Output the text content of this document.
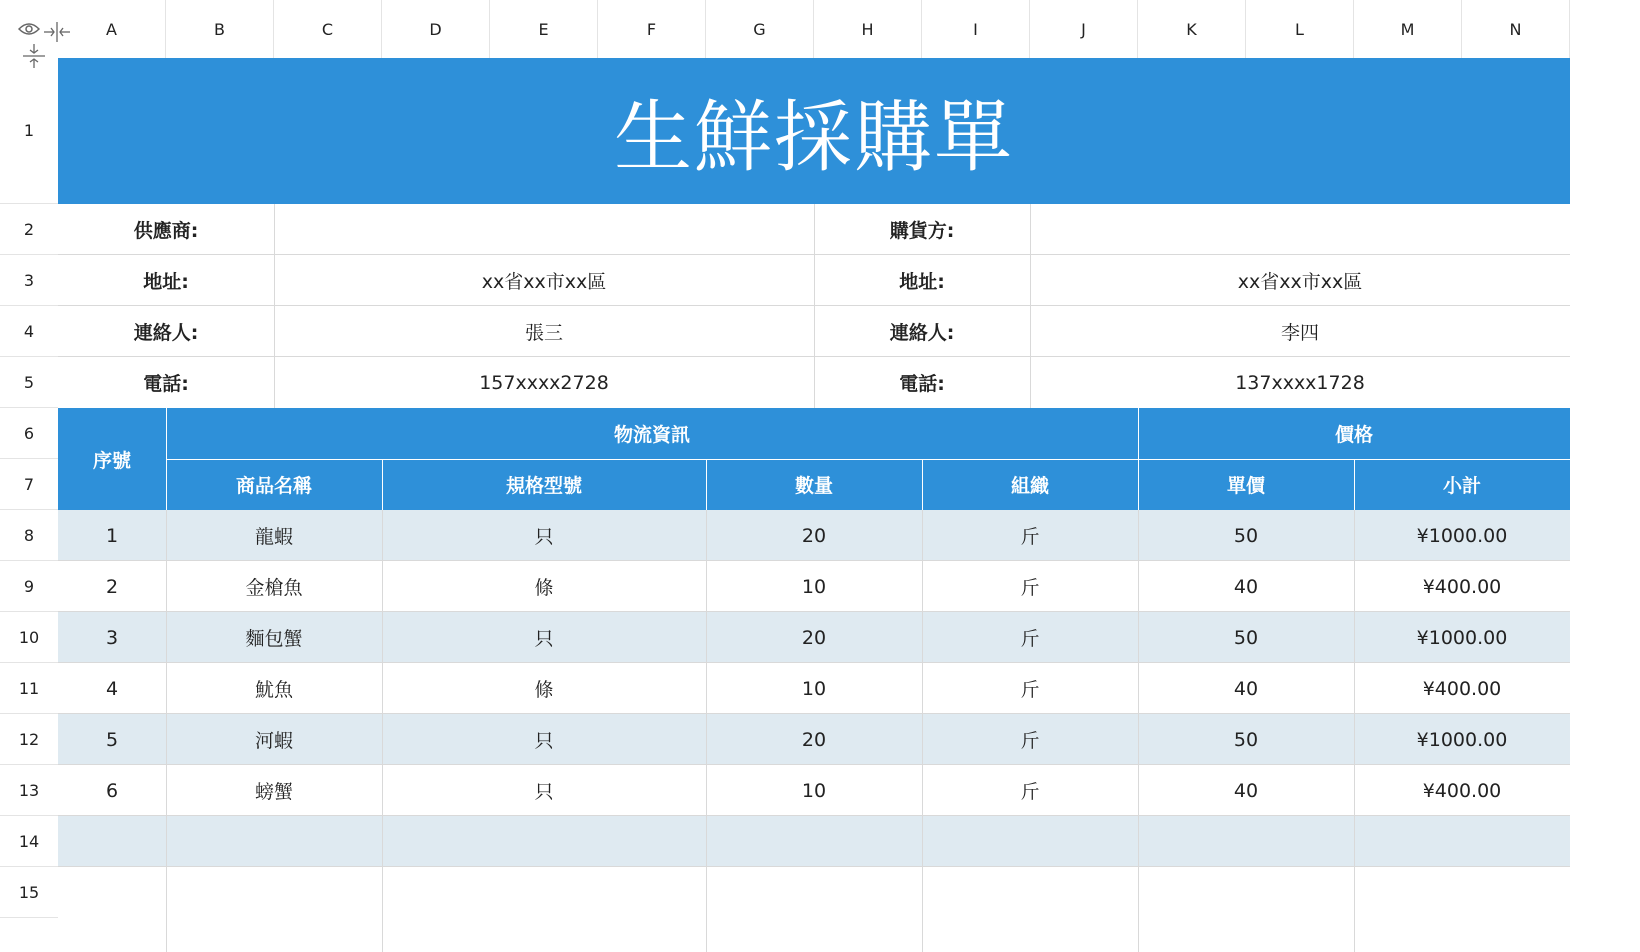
A	B	C	D	E	F	G	H	I	J	K	L	M	N
1
2
3
4
5
6
7
8
9
10
11
12
13
14
15
生鮮採購單
供應商:	購貨方:
地址:	xx省xx市xx區	地址:	xx省xx市xx區
連絡人:	張三	連絡人:	李四
電話:	157xxxx2728	電話:	137xxxx1728
序號
物流資訊	價格
商品名稱	規格型號	數量	組織	單價	小計
1	龍蝦	只	20	斤	50	¥1000.00
2	金槍魚	條	10	斤	40	¥400.00
3	麵包蟹	只	20	斤	50	¥1000.00
4	魷魚	條	10	斤	40	¥400.00
5	河蝦	只	20	斤	50	¥1000.00
6	螃蟹	只	10	斤	40	¥400.00
